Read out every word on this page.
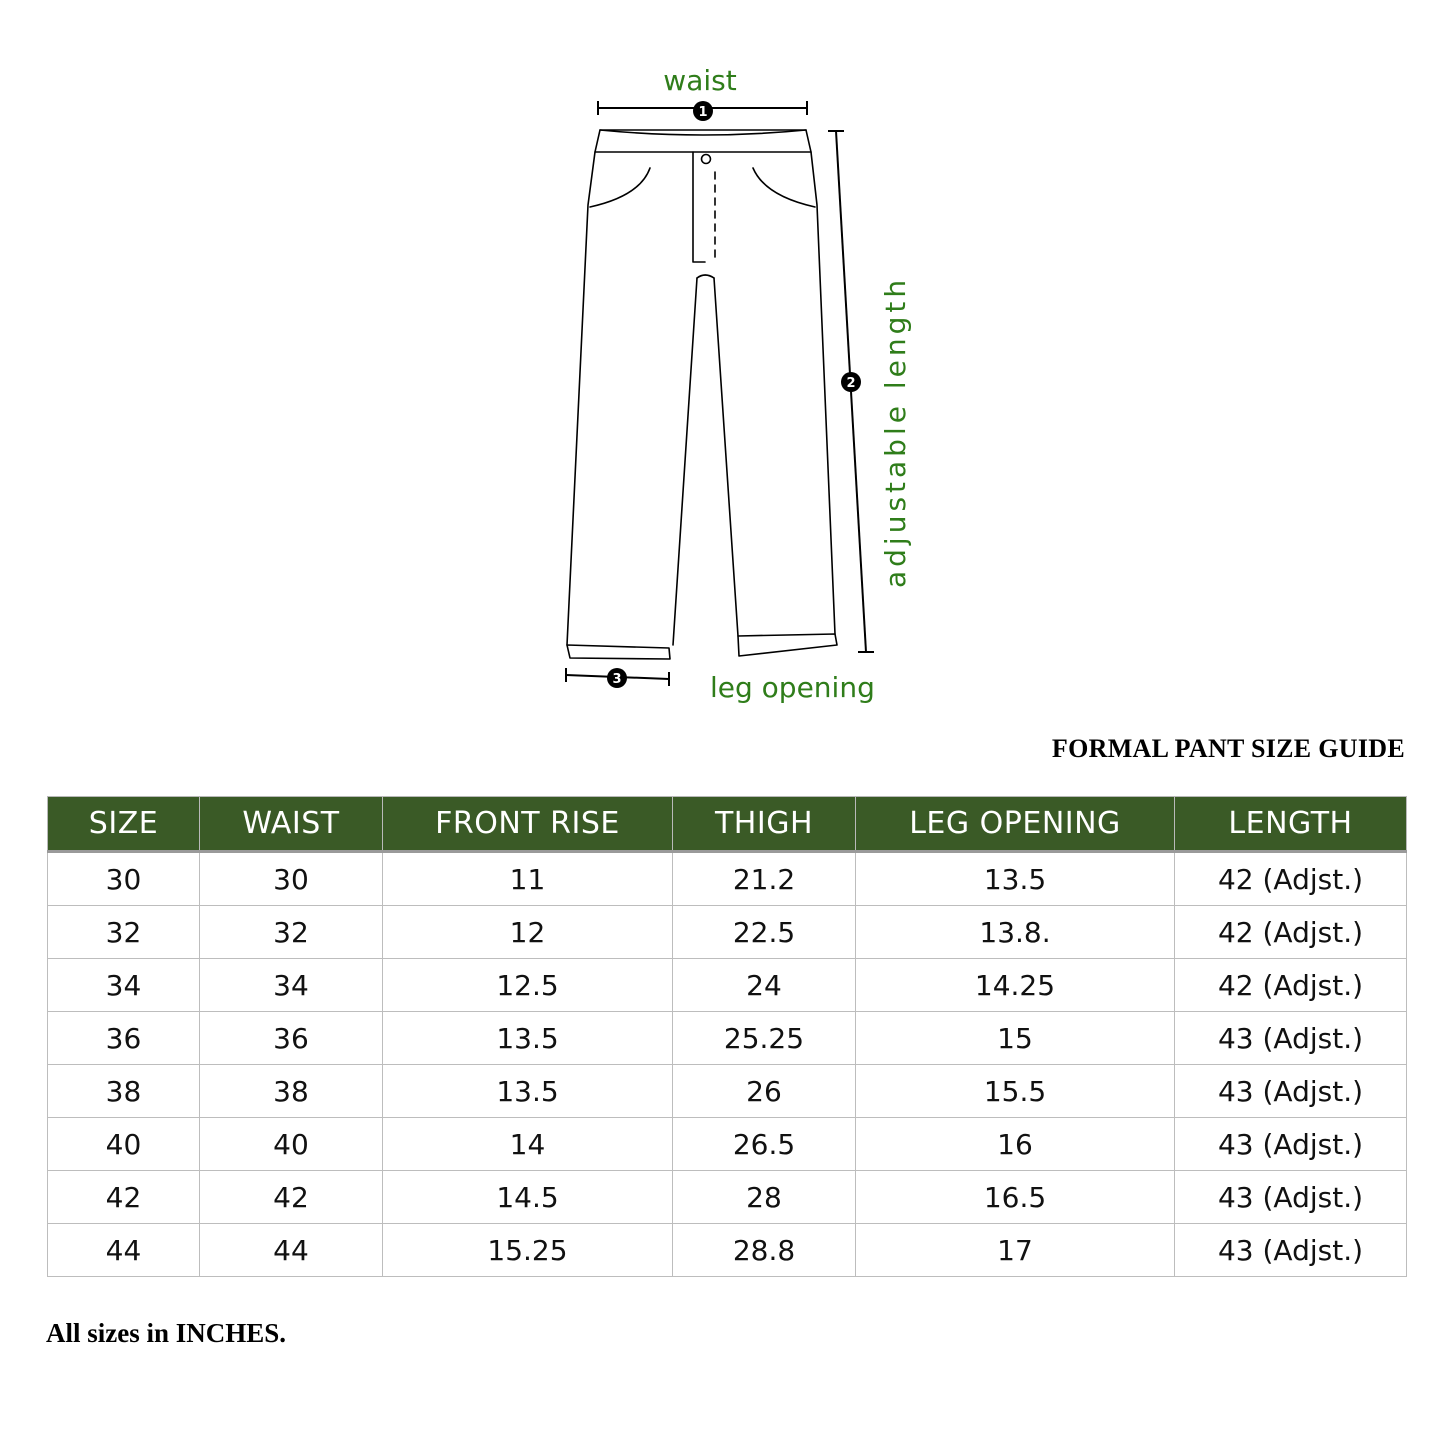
1
waist
2 adjustable length
3	leg opening
FORMAL PANT SIZE GUIDE
SIZE	WAIST	FRONT RISE	THIGH	LEG OPENING	LENGTH
30	30	11	21.2	13.5	42 (Adjst.)
32	32	12	22.5	13.8.	42 (Adjst.)
34	34	12.5	24	14.25	42 (Adjst.)
36	36	13.5	25.25	15	43 (Adjst.)
38	38	13.5	26	15.5	43 (Adjst.)
40	40	14	26.5	16	43 (Adjst.)
42	42	14.5	28	16.5	43 (Adjst.)
44	44	15.25	28.8	17	43 (Adjst.)

All sizes in INCHES.
